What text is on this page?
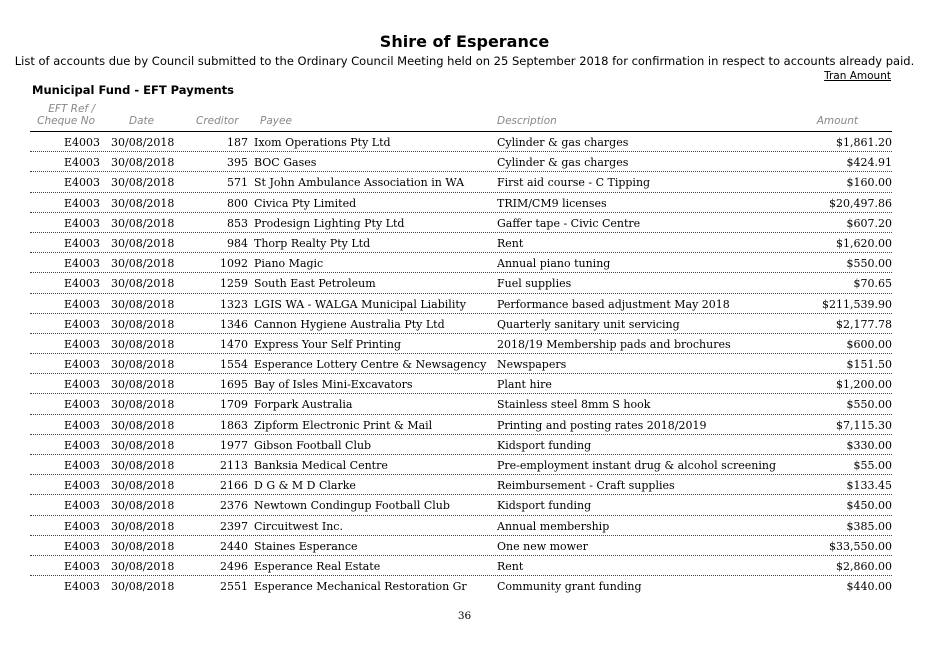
Shire of Esperance
List of accounts due by Council submitted to the Ordinary Council Meeting held on 25 September 2018 for confirmation in respect to accounts already paid.
Tran Amount
Municipal Fund - EFT Payments
EFT Ref /
Cheque No	Date	Creditor Payee	Description	Amount
E4003 30/08/2018	187 Ixom Operations Pty Ltd	Cylinder & gas charges	$1,861.20
E4003 30/08/2018	395 BOC Gases	Cylinder & gas charges	$424.91
E4003 30/08/2018	571 St John Ambulance Association in WA	First aid course - C Tipping	$160.00
E4003 30/08/2018	800 Civica Pty Limited	TRIM/CM9 licenses	$20,497.86
E4003 30/08/2018	853 Prodesign Lighting Pty Ltd	Gaffer tape - Civic Centre	$607.20
E4003 30/08/2018	984 Thorp Realty Pty Ltd	Rent	$1,620.00
E4003 30/08/2018	1092 Piano Magic	Annual piano tuning	$550.00
E4003 30/08/2018	1259 South East Petroleum	Fuel supplies	$70.65
E4003 30/08/2018	1323 LGIS WA - WALGA Municipal Liability	Performance based adjustment May 2018	$211,539.90
E4003 30/08/2018	1346 Cannon Hygiene Australia Pty Ltd	Quarterly sanitary unit servicing	$2,177.78
E4003 30/08/2018	1470 Express Your Self Printing	2018/19 Membership pads and brochures	$600.00
E4003 30/08/2018	1554 Esperance Lottery Centre & Newsagency Newspapers	$151.50
E4003 30/08/2018	1695 Bay of Isles Mini-Excavators	Plant hire	$1,200.00
E4003 30/08/2018	1709 Forpark Australia	Stainless steel 8mm S hook	$550.00
E4003 30/08/2018	1863 Zipform Electronic Print & Mail	Printing and posting rates 2018/2019	$7,115.30
E4003 30/08/2018	1977 Gibson Football Club	Kidsport funding	$330.00
E4003 30/08/2018	2113 Banksia Medical Centre	Pre-employment instant drug & alcohol screening	$55.00
E4003 30/08/2018	2166 D G & M D Clarke	Reimbursement - Craft supplies	$133.45
E4003 30/08/2018	2376 Newtown Condingup Football Club	Kidsport funding	$450.00
E4003 30/08/2018	2397 Circuitwest Inc.	Annual membership	$385.00
E4003 30/08/2018	2440 Staines Esperance	One new mower	$33,550.00
E4003 30/08/2018	2496 Esperance Real Estate	Rent	$2,860.00
E4003 30/08/2018	2551 Esperance Mechanical Restoration Gr	Community grant funding	$440.00
36
